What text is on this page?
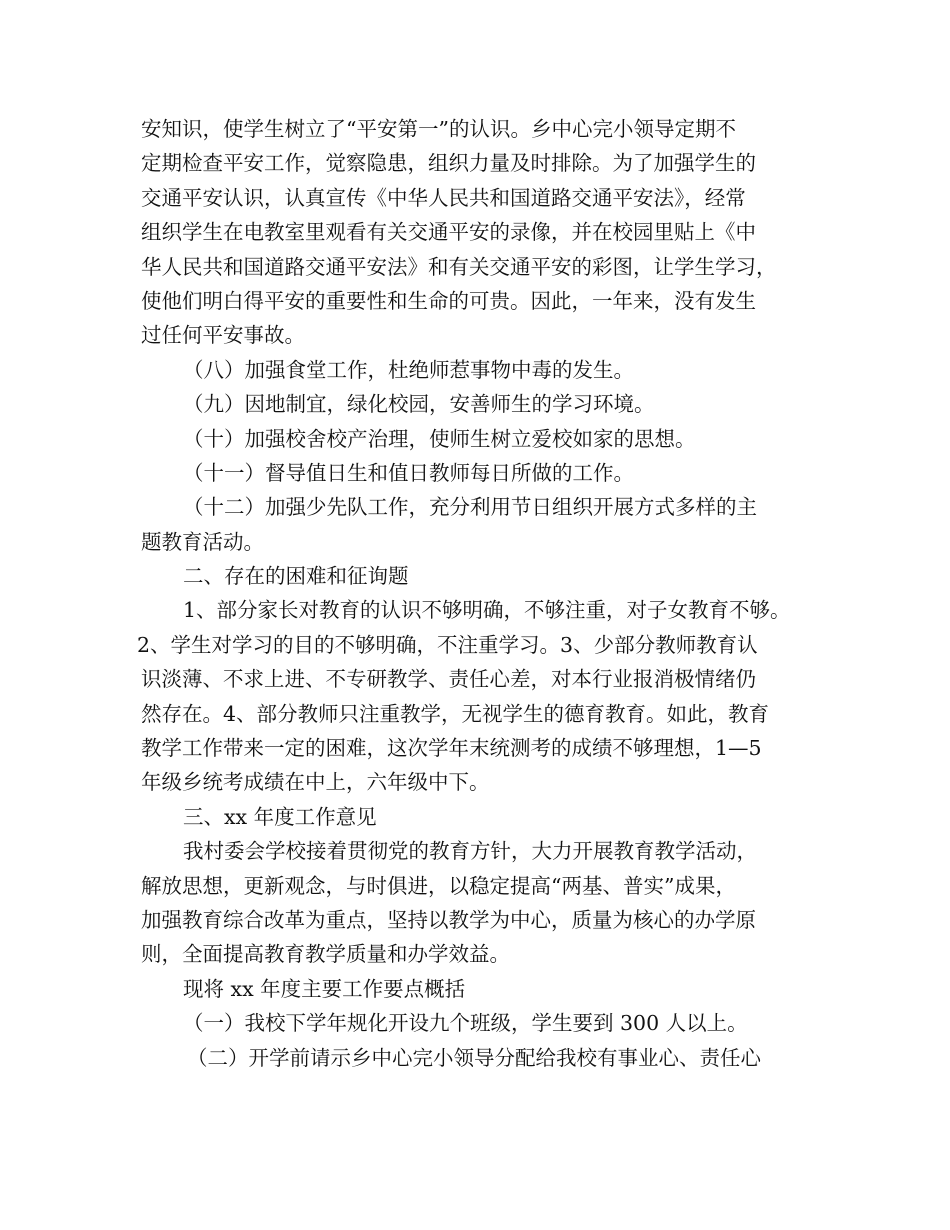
安知识，使学生树立了“平安第一”的认识。乡中心完小领导定期不
定期检查平安工作，觉察隐患，组织力量及时排除。为了加强学生的
交通平安认识，认真宣传《中华人民共和国道路交通平安法》，经常
组织学生在电教室里观看有关交通平安的录像，并在校园里贴上《中
华人民共和国道路交通平安法》和有关交通平安的彩图，让学生学习，
使他们明白得平安的重要性和生命的可贵。因此，一年来，没有发生
过任何平安事故。
（八）加强食堂工作，杜绝师惹事物中毒的发生。
（九）因地制宜，绿化校园，安善师生的学习环境。
（十）加强校舍校产治理，使师生树立爱校如家的思想。
（十一）督导值日生和值日教师每日所做的工作。
（十二）加强少先队工作，充分利用节日组织开展方式多样的主
题教育活动。
二、存在的困难和征询题
1、部分家长对教育的认识不够明确，不够注重，对子女教育不够。
2、学生对学习的目的不够明确，不注重学习。3、少部分教师教育认
识淡薄、不求上进、不专研教学、责任心差，对本行业报消极情绪仍
然存在。4、部分教师只注重教学，无视学生的德育教育。如此，教育
教学工作带来一定的困难，这次学年末统测考的成绩不够理想，1—5
年级乡统考成绩在中上，六年级中下。
三、xx 年度工作意见
我村委会学校接着贯彻党的教育方针，大力开展教育教学活动，
解放思想，更新观念，与时俱进，以稳定提高“两基、普实”成果，
加强教育综合改革为重点，坚持以教学为中心，质量为核心的办学原
则，全面提高教育教学质量和办学效益。
现将 xx 年度主要工作要点概括
（一）我校下学年规化开设九个班级，学生要到 300 人以上。
（二）开学前请示乡中心完小领导分配给我校有事业心、责任心
